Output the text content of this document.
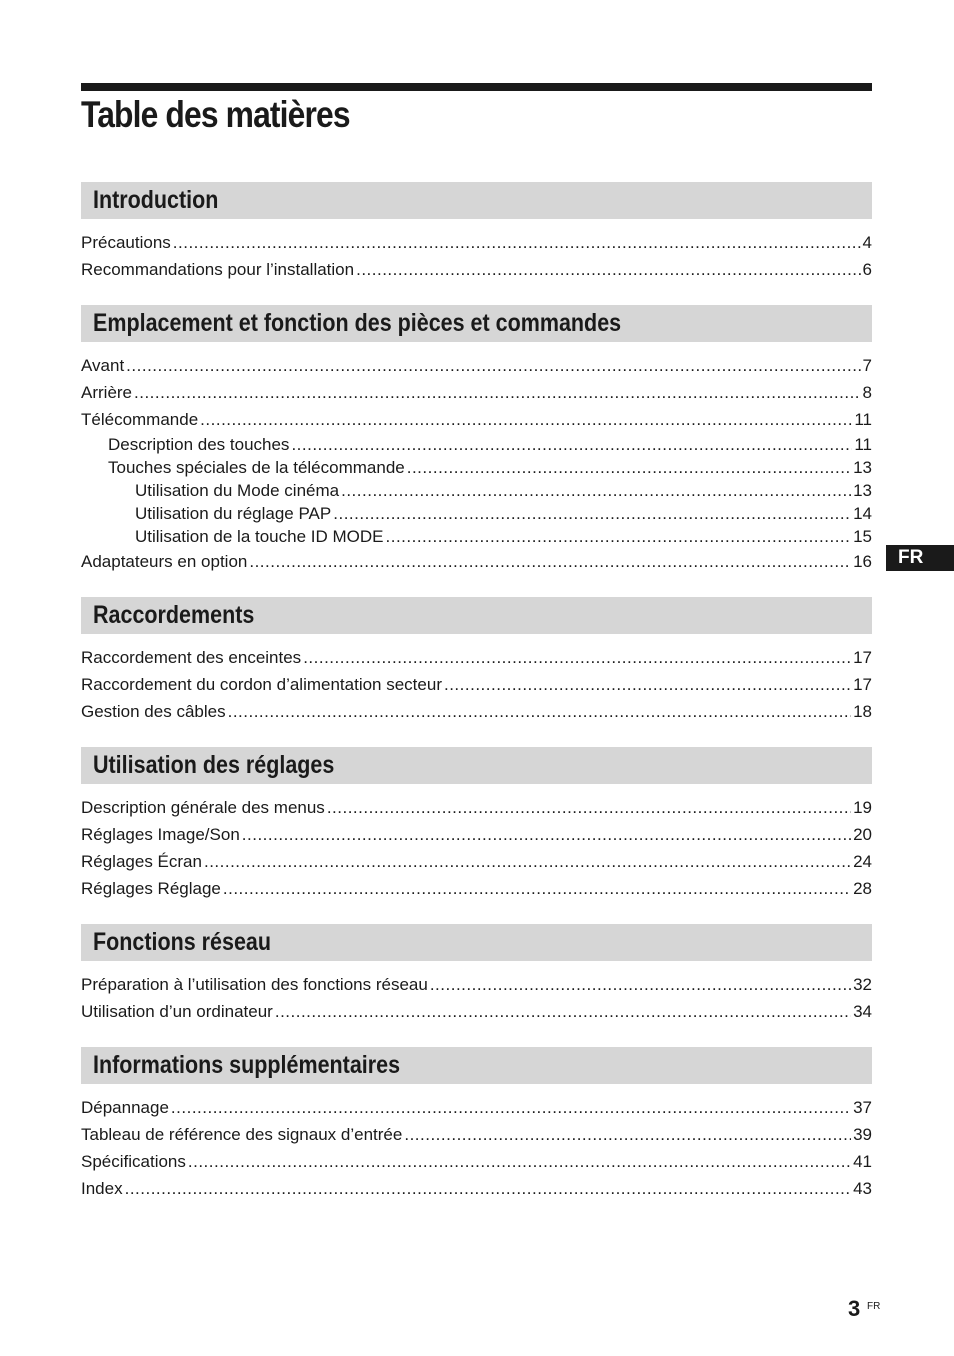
Table des matières
Introduction
Précautions .....	4
Recommandations pour l’installation .....	6
Emplacement et fonction des pièces et commandes
Avant .....	7
Arrière .....	8
Télécommande .....	11
Description des touches .....	11
Touches spéciales de la télécommande .....	13
Utilisation du Mode cinéma .....	13
Utilisation du réglage PAP .....	14
Utilisation de la touche ID MODE .....	15
Adaptateurs en option .....	16
Raccordements
Raccordement des enceintes .....	17
Raccordement du cordon d’alimentation secteur .....	17
Gestion des câbles .....	18
Utilisation des réglages
Description générale des menus .....	19
Réglages Image/Son .....	20
Réglages Écran .....	24
Réglages Réglage .....	28
Fonctions réseau
Préparation à l’utilisation des fonctions réseau .....	32
Utilisation d’un ordinateur .....	34
Informations supplémentaires
Dépannage .....	37
Tableau de référence des signaux d’entrée .....	39
Spécifications .....	41
Index .....	43
FR
3 FR
